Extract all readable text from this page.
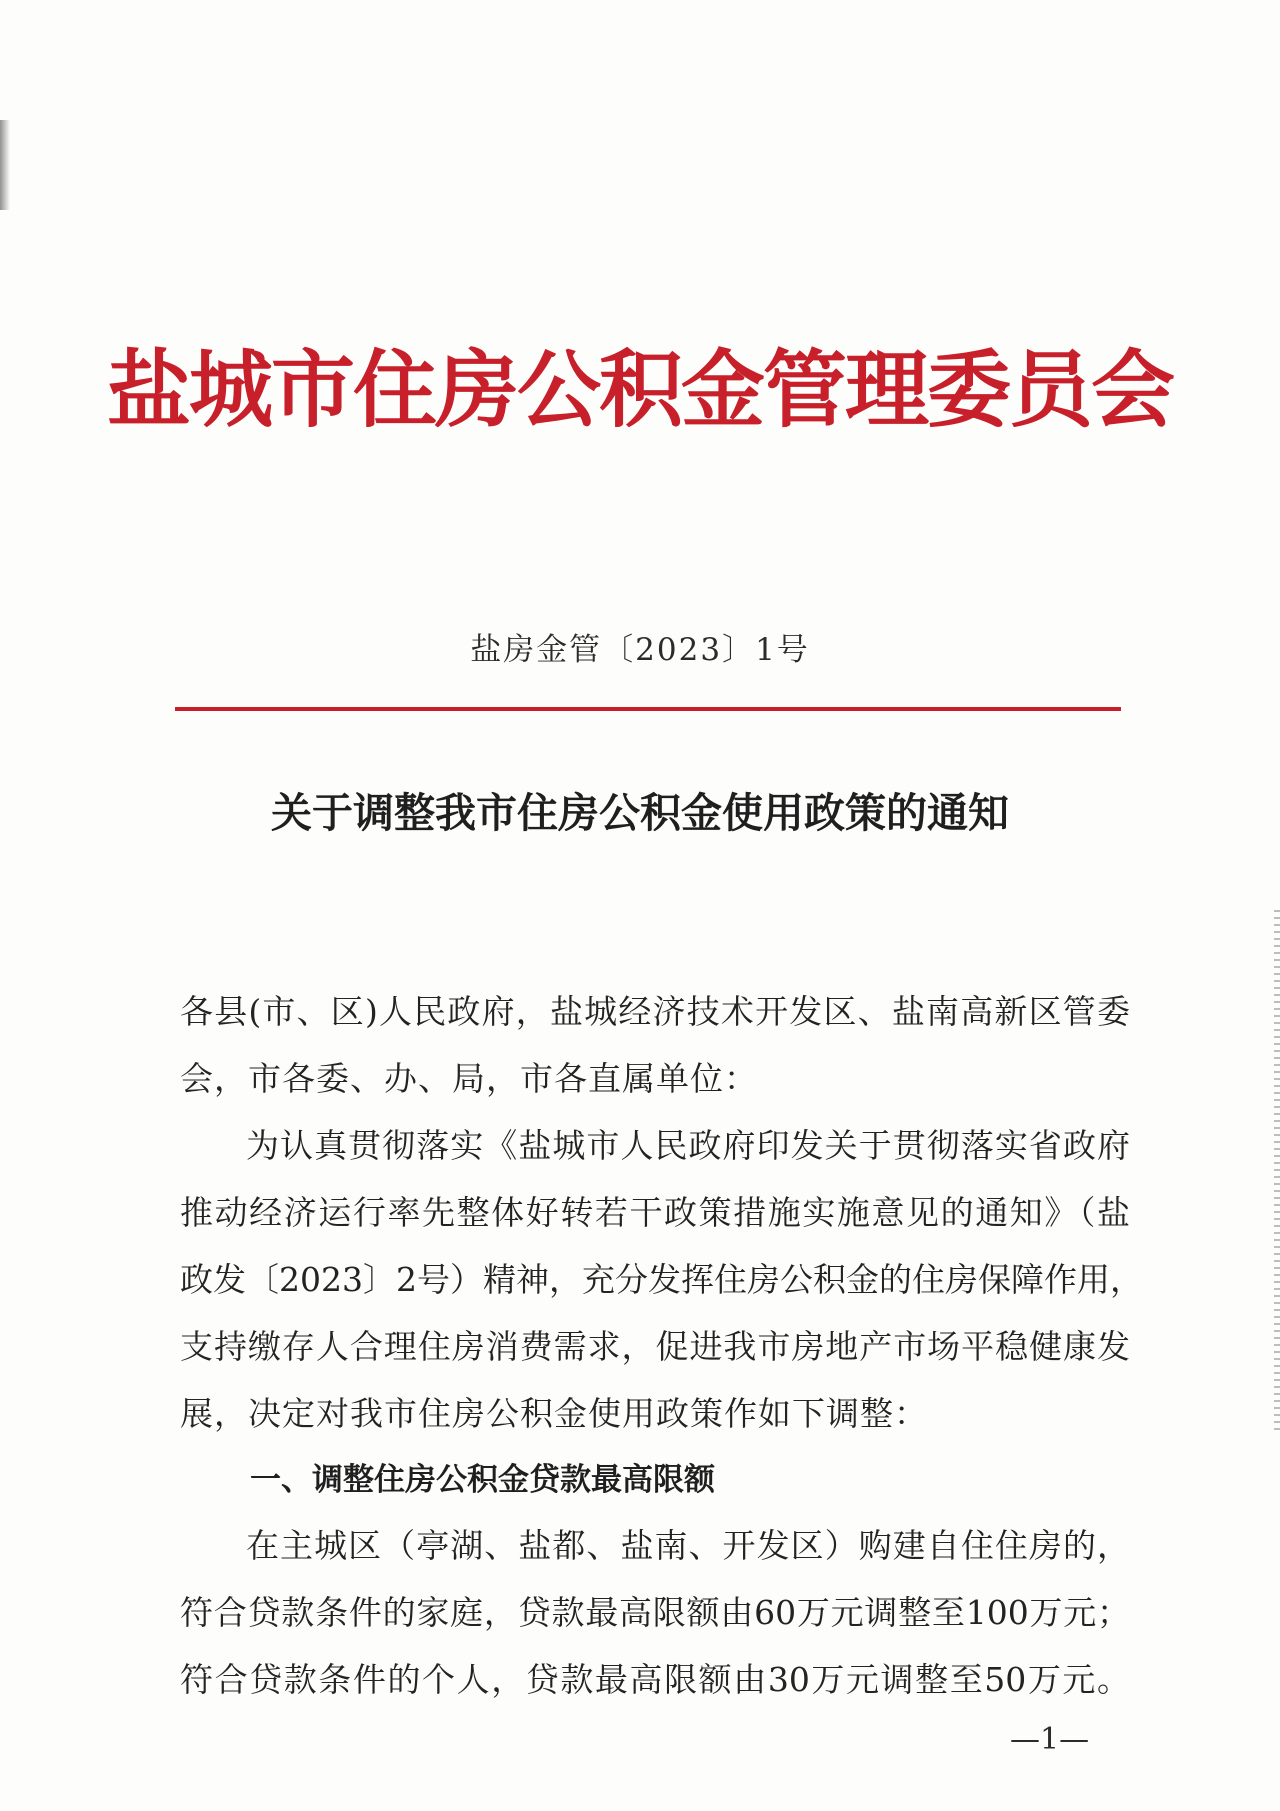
盐城市住房公积金管理委员会
盐房金管〔2023〕1号
关于调整我市住房公积金使用政策的通知
各县(市、区)人民政府，盐城经济技术开发区、盐南高新区管委
会，市各委、办、局，市各直属单位：
为认真贯彻落实《盐城市人民政府印发关于贯彻落实省政府
推动经济运行率先整体好转若干政策措施实施意见的通知》（盐
政发〔2023〕2号）精神，充分发挥住房公积金的住房保障作用，
支持缴存人合理住房消费需求，促进我市房地产市场平稳健康发
展，决定对我市住房公积金使用政策作如下调整：
一、调整住房公积金贷款最高限额
在主城区（亭湖、盐都、盐南、开发区）购建自住住房的，
符合贷款条件的家庭，贷款最高限额由60万元调整至100万元；
符合贷款条件的个人，贷款最高限额由30万元调整至50万元。
—1—
